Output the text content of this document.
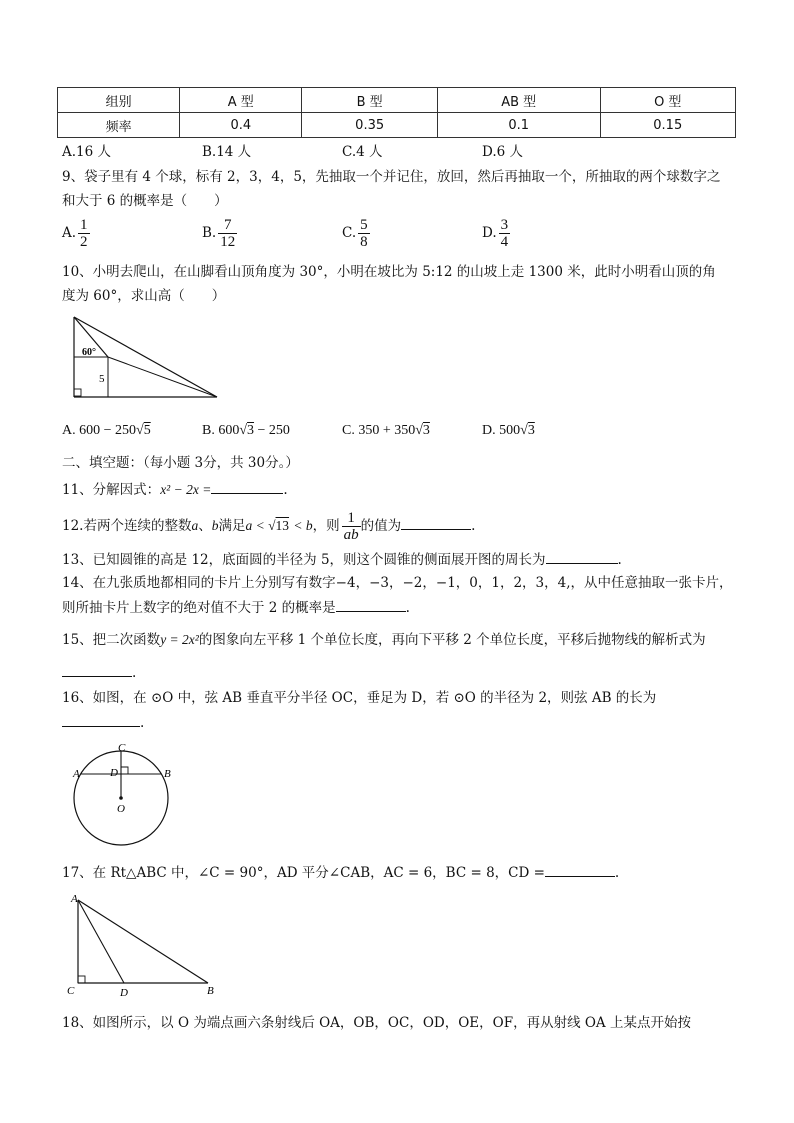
组别	A 型	B 型	AB 型	O 型
频率	0.4	0.35	0.1	0.15
A.16 人	B.14 人	C.4 人	D.6 人
9、袋子里有 4 个球，标有 2，3，4，5，先抽取一个并记住，放回，然后再抽取一个，所抽取的两个球数字之
和大于 6 的概率是（　　）
A. $\frac{1}{2}$	B. $\frac{7}{12}$	C. $\frac{5}{8}$	D. $\frac{3}{4}$
10、小明去爬山，在山脚看山顶角度为 30°，小明在坡比为 5:12 的山坡上走 1300 米，此时小明看山顶的角
度为 60°，求山高（　　）
60°
5
A. 600 − 250√5	B. 600√3 − 250	C. 350 + 350√3	D. 500√3
二、填空题：（每小题 3分，共 30分。）
11、分解因式：x² − 2x =	.
12.若两个连续的整数a、b满足a < √13 < b，则 $\frac{1}{ab}$ 的值为	.
13、已知圆锥的高是 12，底面圆的半径为 5，则这个圆锥的侧面展开图的周长为	.
14、在九张质地都相同的卡片上分别写有数字−4，−3，−2，−1，0，1，2，3，4,，从中任意抽取一张卡片，
则所抽卡片上数字的绝对值不大于 2 的概率是	.
15、把二次函数y = 2x²的图象向左平移 1 个单位长度，再向下平移 2 个单位长度，平移后抛物线的解析式为
.
16、如图，在 ⊙O 中，弦 AB 垂直平分半径 OC，垂足为 D，若 ⊙O 的半径为 2，则弦 AB 的长为
.
C
D
A	B
O
17、在 Rt△ABC 中，∠C = 90°，AD 平分∠CAB，AC = 6，BC = 8，CD =	.
A
C	D	B
18、如图所示，以 O 为端点画六条射线后 OA，OB，OC，OD，OE，OF，再从射线 OA 上某点开始按
